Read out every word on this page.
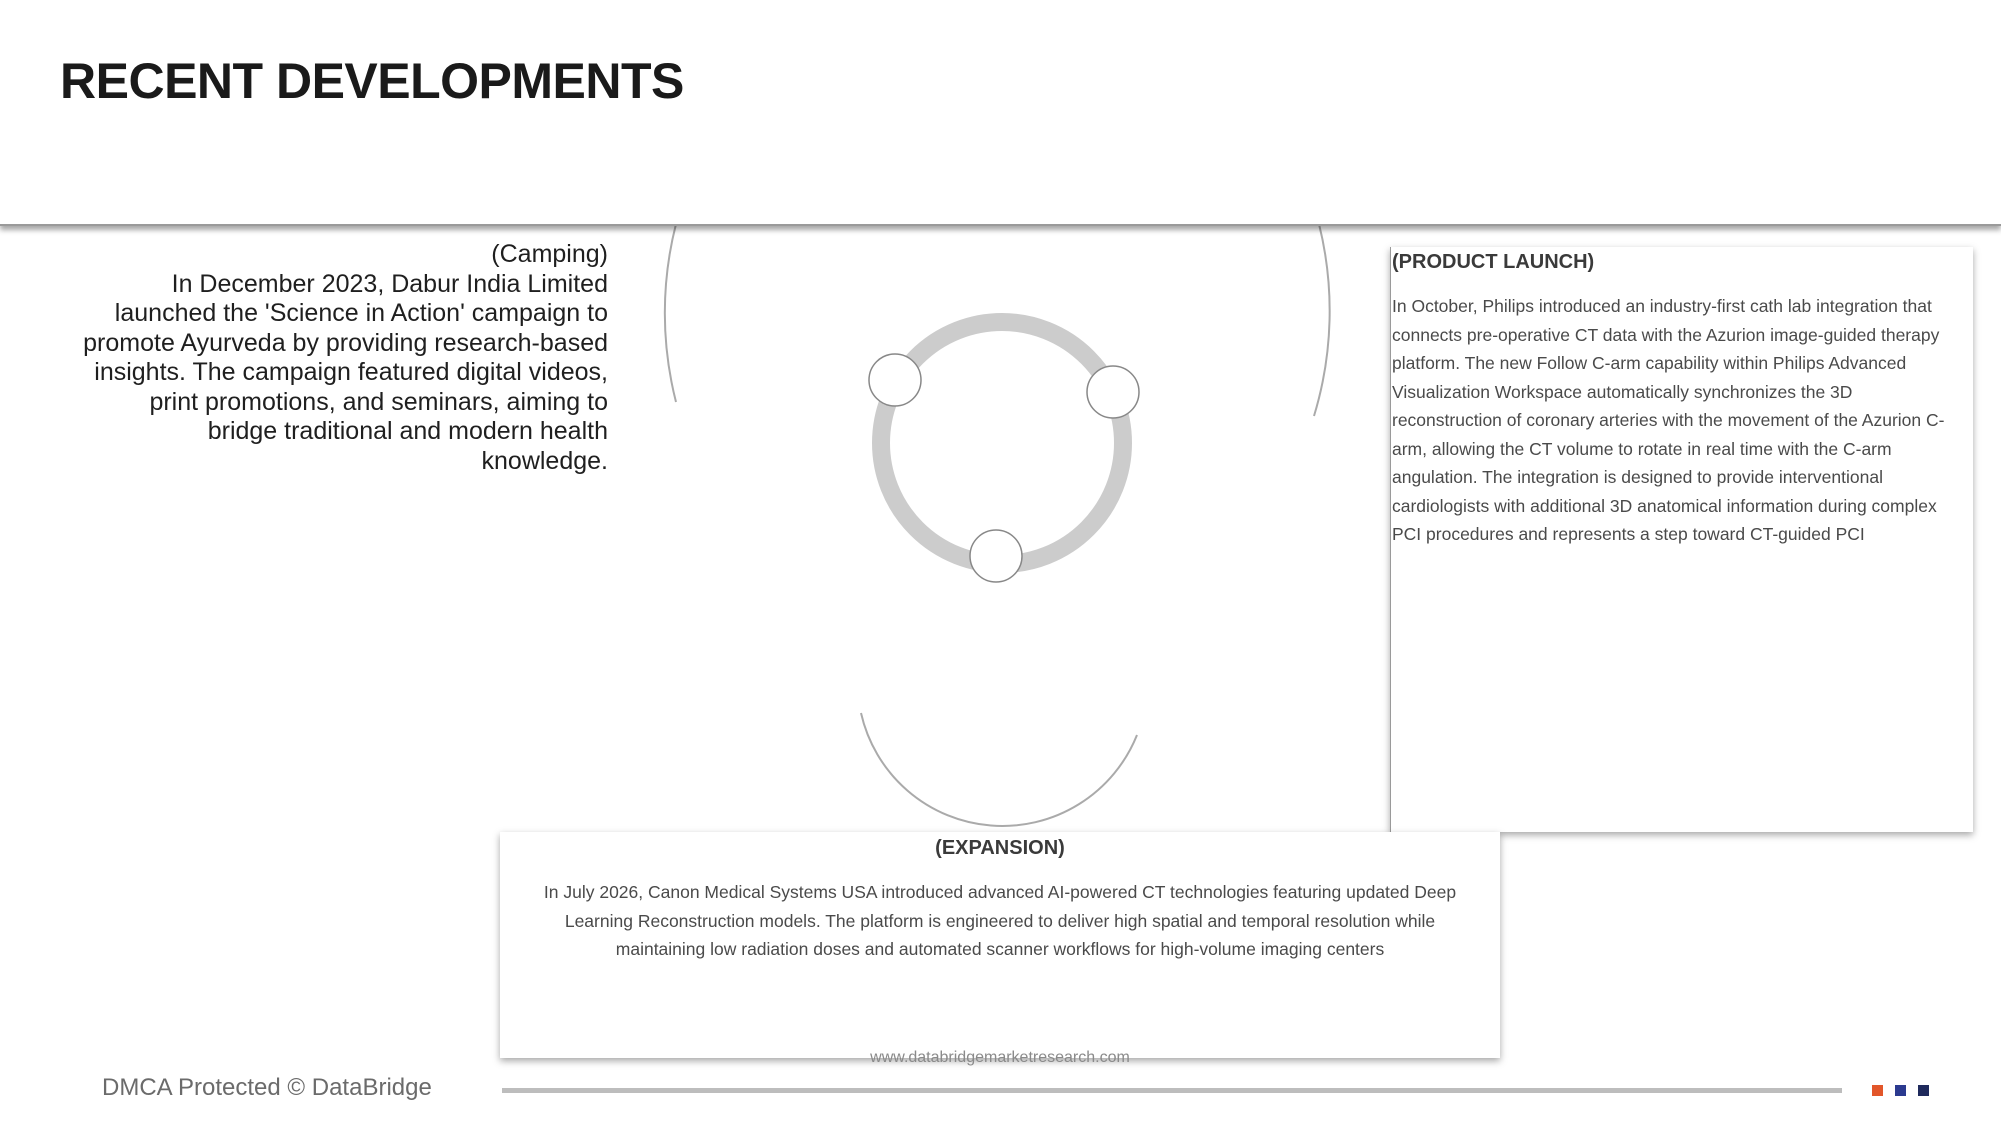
RECENT DEVELOPMENTS

(Camping)

In December 2023, Dabur India Limited launched the 'Science in Action' campaign to promote Ayurveda by providing research-based insights. The campaign featured digital videos, print promotions, and seminars, aiming to bridge traditional and modern health knowledge.

(PRODUCT LAUNCH)
In October, Philips introduced an industry-first cath lab integration that connects pre-operative CT data with the Azurion image-guided therapy platform. The new Follow C-arm capability within Philips Advanced Visualization Workspace automatically synchronizes the 3D reconstruction of coronary arteries with the movement of the Azurion C-arm, allowing the CT volume to rotate in real time with the C-arm angulation. The integration is designed to provide interventional cardiologists with additional 3D anatomical information during complex PCI procedures and represents a step toward CT-guided PCI
(EXPANSION)
In July 2026, Canon Medical Systems USA introduced advanced AI-powered CT technologies featuring updated Deep Learning Reconstruction models. The platform is engineered to deliver high spatial and temporal resolution while maintaining low radiation doses and automated scanner workflows for high-volume imaging centers
www.databridgemarketresearch.com
DMCA Protected © DataBridge
